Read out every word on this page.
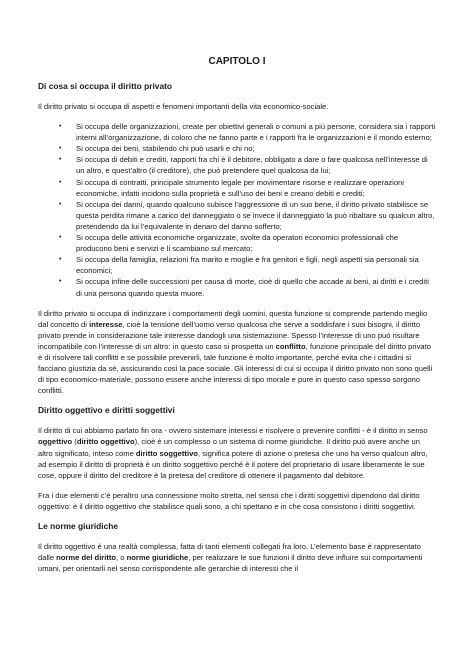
CAPITOLO I
Di cosa si occupa il diritto privato

Il diritto privato si occupa di aspetti e fenomeni importanti della vita economico-sociale.

• Si occupa delle organizzazioni, create per obiettivi generali o comuni a più persone, considera sia i rapporti interni all’organizzazione, di coloro che ne fanno parte e i rapporti fra le organizzazioni e il mondo esterno;
• Si occupa dei beni, stabilendo chi può usarli e chi no;
• Si occupa di debiti e crediti, rapporti fra chi è il debitore, obbligato a dare o fare qualcosa nell’interesse di un altro, e quest’altro (il creditore), che può pretendere quel qualcosa da lui;
• Si occupa di contratti, principale strumento legale per movimentare risorse e realizzare operazioni economiche, infatti incidono sulla proprietà e sull’uso dei beni e creano debiti e crediti;
• Si occupa dei danni, quando qualcuno subisce l’aggressione di un suo bene, il diritto privato stabilisce se questa perdita rimane a carico del danneggiato o se invece il danneggiato la può ribaltare su qualcun altro, pretendendo da lui l’equivalente in denaro del danno sofferto;
• Si occupa delle attività economiche organizzate, svolte da operatori economici professionali che producono beni e servizi e li scambiano sul mercato;
• Si occupa della famiglia, relazioni fra marito e moglie e fra genitori e figli, negli aspetti sia personali sia economici;
• Si occupa infine delle successioni per causa di morte, cioè di quello che accade ai beni, ai diritti e i crediti di una persona quando questa muore.

Il diritto privato si occupa di indirizzare i comportamenti degli uomini, questa funzione si comprende partendo meglio dal concetto di interesse, cioè la tensione dell’uomo verso qualcosa che serve a soddisfare i suoi bisogni, il diritto privato prende in considerazione tale interesse dandogli una sistemazione. Spesso l’interesse di uno può risultare incompatibile con l’interesse di un altro: in questo caso si prospetta un conflitto, funzione principale del diritto privato è di risolvere tali conflitti e se possibile prevenirli, tale funzione è molto importante, perché evita che i cittadini si facciano giustizia da sé, assicurando così la pace sociale. Gli interessi di cui si occupa il diritto privato non sono quelli di tipo economico-materiale, possono essere anche interessi di tipo morale e pure in questo caso spesso sorgono conflitti.

Diritto oggettivo e diritti soggettivi

Il diritto di cui abbiamo parlato fin ora - ovvero sistemare interessi e risolvere o prevenire conflitti - è il diritto in senso oggettivo (diritto oggettivo), cioè è un complesso o un sistema di norme giuridiche. Il diritto può avere anche un altro significato, inteso come diritto soggettivo, significa potere di azione o pretesa che uno ha verso qualcun altro, ad esempio il diritto di proprietà è un diritto soggettivo perché è il potere del proprietario di usare liberamente le sue cose, oppure il diritto del creditore è la pretesa del creditore di ottenere il pagamento dal debitore.

Fra i due elementi c’è peraltro una connessione molto stretta, nel senso che i diritti soggettivi dipendono dal diritto oggettivo: è il diritto oggettivo che stabilisce quali sono, a chi spettano e in che cosa consistono i diritti soggettivi.

Le norme giuridiche

Il diritto oggettivo è una realtà complessa, fatta di tanti elementi collegati fra loro. L’elemento base è rappresentato dalle norme del diritto, o norme giuridiche, per realizzare le sue funzioni il diritto deve influire sui comportamenti umani, per orientarli nel senso corrispondente alle gerarchie di interessi che il
